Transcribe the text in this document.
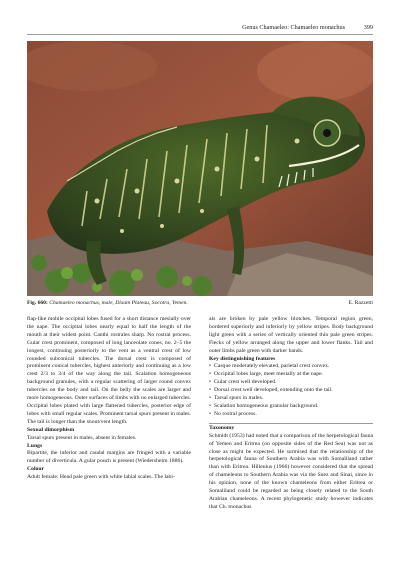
Genus Chamaeleo: Chamaeleo monachus	399
Fig. 660: Chamaeleo monachus, male, Dixam Plateau, Socotra, Yemen.	E. Razzetti

flap-like mobile occipital lobes fused for a short distance mesially over the nape. The occipital lobes nearly equal to half the length of the mouth at their widest point. Canthi rostrales sharp. No rostral process. Gular crest prominent, composed of long lanceolate cones, no. 2–5 the longest, continuing posteriorly to the vent as a ventral crest of low rounded subconical tubercles. The dorsal crest is composed of prominent conical tubercles, highest anteriorly and continuing as a low crest 2/3 to 3/4 of the way along the tail. Scalation homogeneous background granules, with a regular scattering of larger round convex tubercles on the body and tail. On the belly the scales are larger and more homogeneous. Outer surfaces of limbs with no enlarged tubercles. Occipital lobes plated with large flattened tubercles, posterior edge of lobes with small regular scales. Prominent tarsal spurs present in males. The tail is longer than the snout/vent length.

Sexual dimorphism

Tarsal spurs present in males, absent in females.

Lungs

Bipartite, the inferior and caudal margins are fringed with a variable number of diverticula. A gular pouch is present (Wiedersheim 1886).

Colour

Adult female: Head pale green with white labial scales. The labi-

als are broken by pale yellow blotches. Temporal region green, bordered superiorly and inferiorly by yellow stripes. Body background light green with a series of vertically oriented thin pale green stripes. Flecks of yellow arranged along the upper and lower flanks. Tail and outer limbs pale green with darker bands.

Key distinguishing features

• Casque moderately elevated, parietal crest convex.
• Occipital lobes large, meet mesially at the nape.
• Gular crest well developed.
• Dorsal crest well developed, extending onto the tail.
• Tarsal spurs in males.
• Scalation homogeneous granular background.
• No rostral process.

Taxonomy

Schmidt (1953) had noted that a comparison of the herpetological fauna of Yemen and Eritrea (on opposite sides of the Red Sea) was not as close as might be expected. He surmised that the relationship of the herpetological fauna of Southern Arabia was with Somaliland rather than with Eritrea. Hillenius (1966) however considered that the spread of chameleons to Southern Arabia was via the Suez and Sinai, since in his opinion, none of the known chameleons from either Eritrea or Somaliland could be regarded as being closely related to the South Arabian chameleons. A recent phylogenetic study however indicates that Ch. monachus
